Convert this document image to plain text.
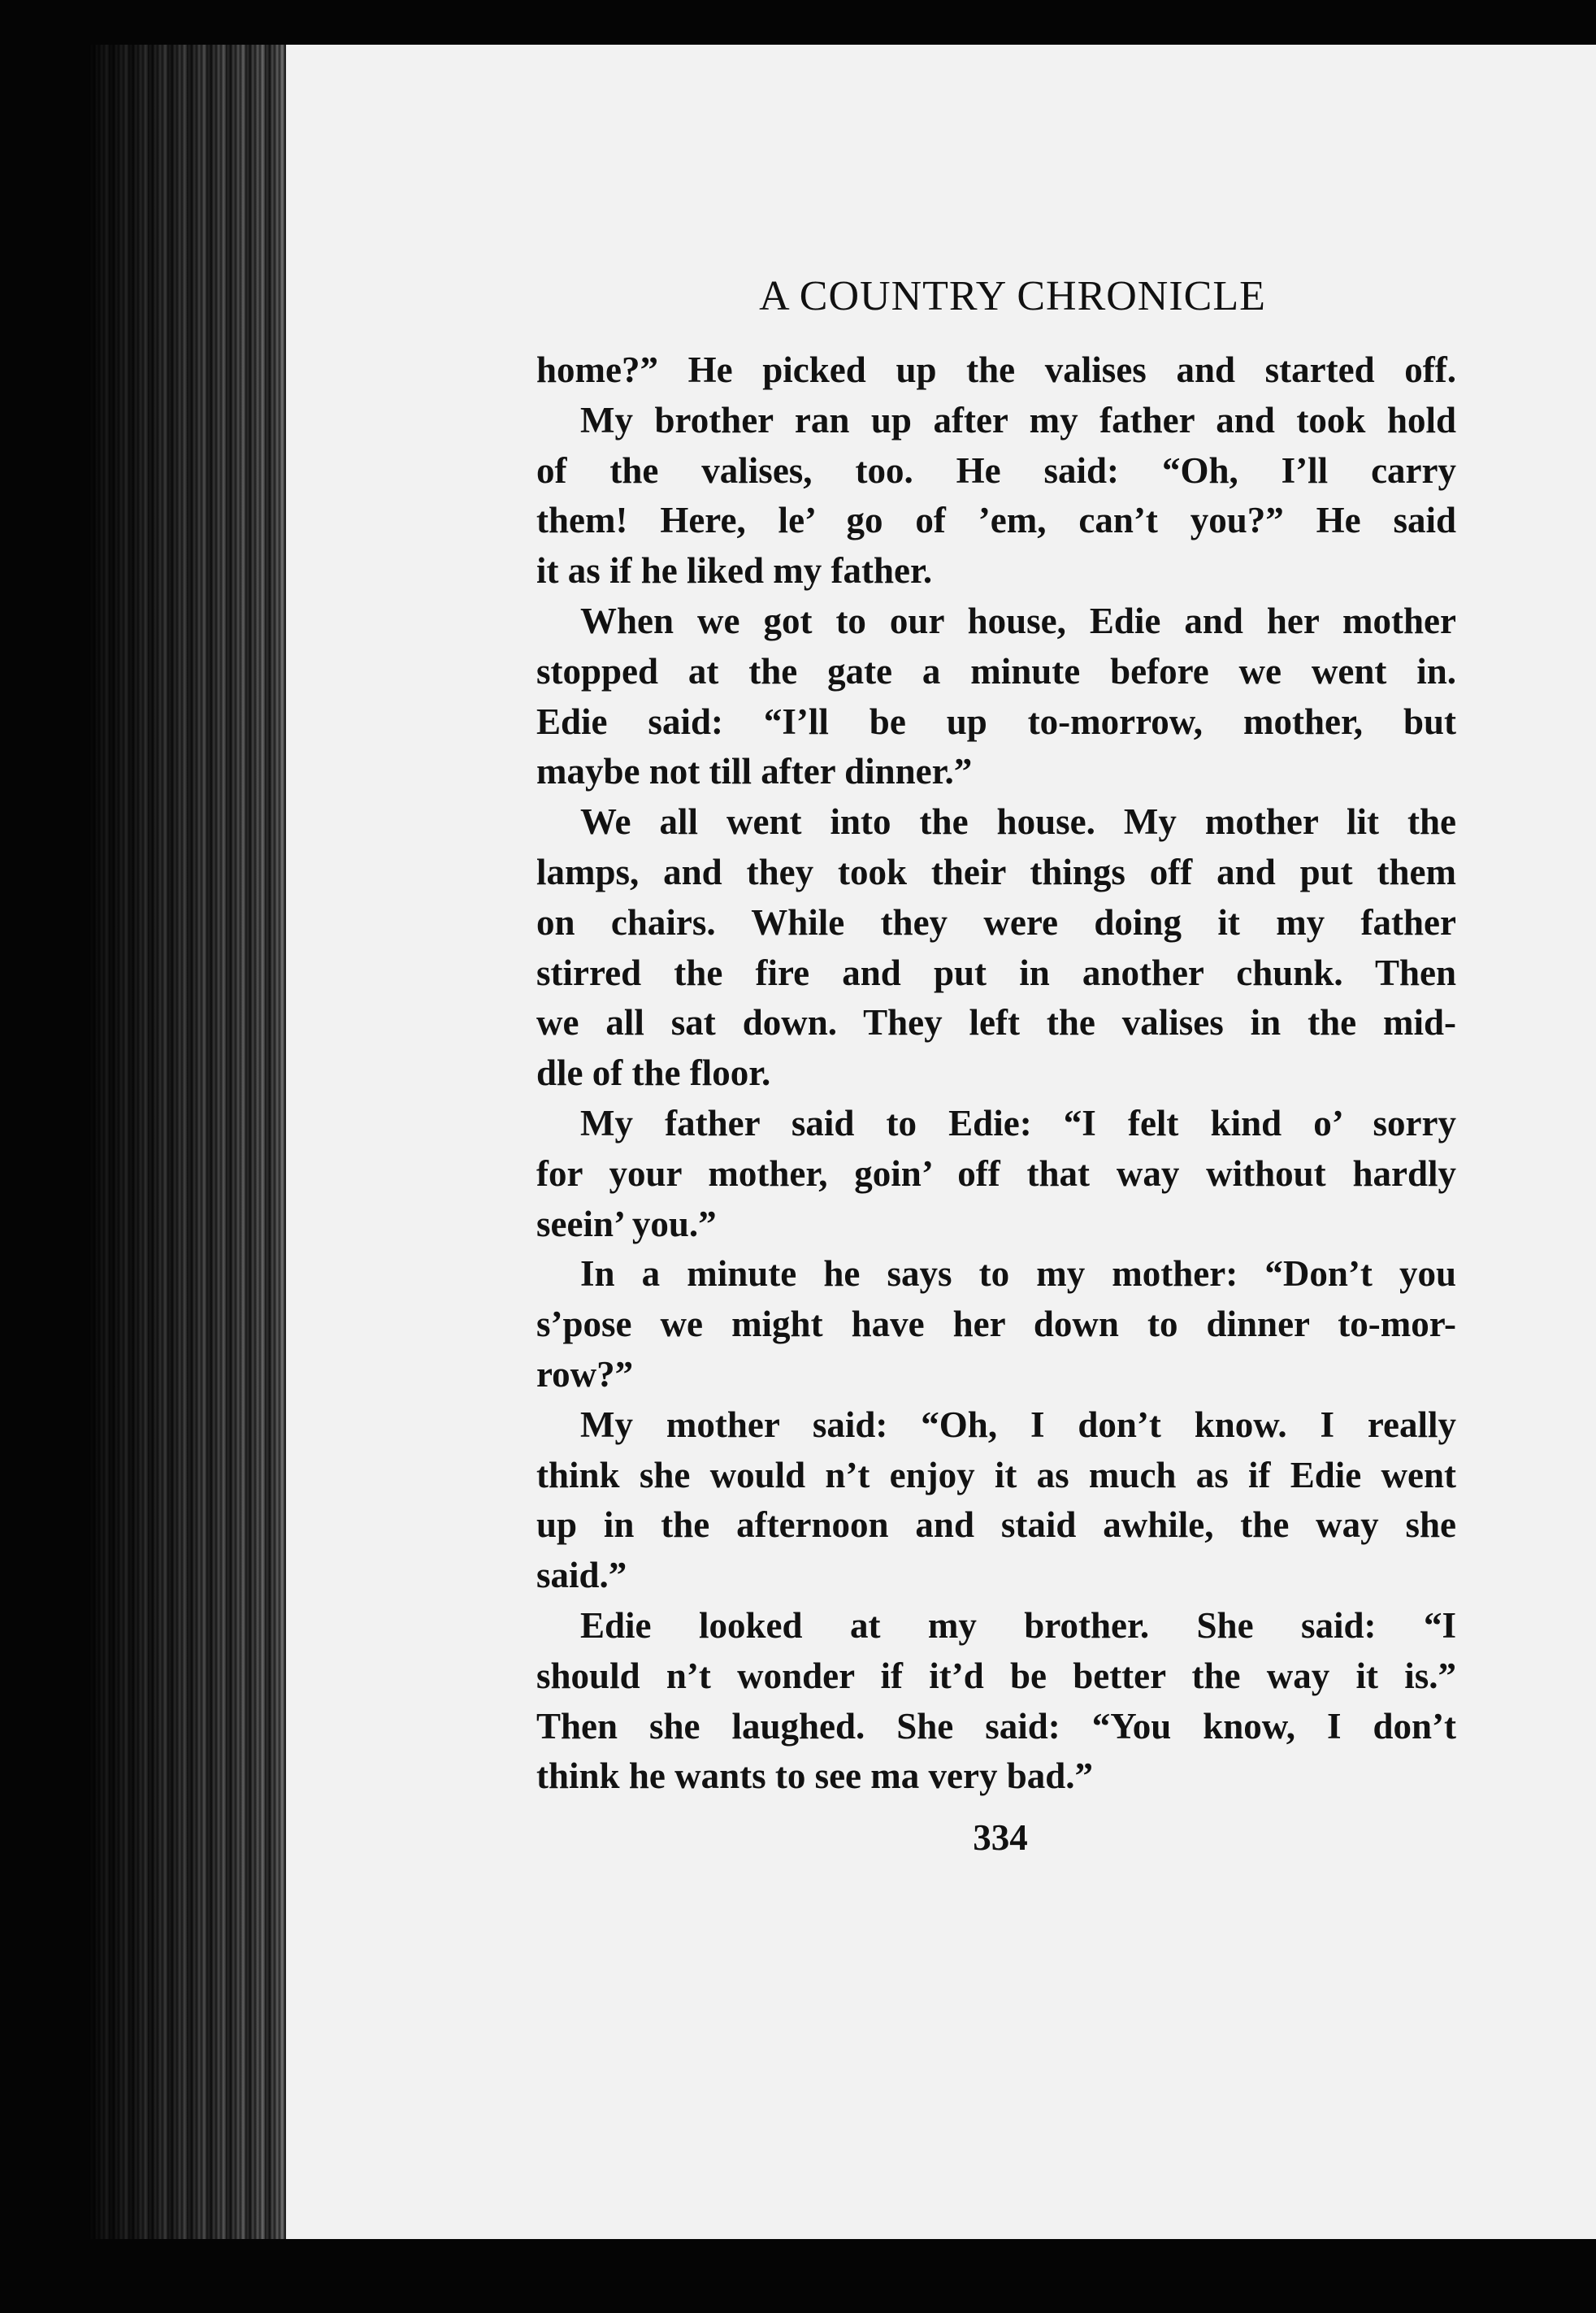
A COUNTRY CHRONICLE
home?” He picked up the valises and started off.
My brother ran up after my father and took hold
of the valises, too. He said: “Oh, I’ll carry
them! Here, le’ go of ’em, can’t you?” He said
it as if he liked my father.
When we got to our house, Edie and her mother
stopped at the gate a minute before we went in.
Edie said: “I’ll be up to-morrow, mother, but
maybe not till after dinner.”
We all went into the house. My mother lit the
lamps, and they took their things off and put them
on chairs. While they were doing it my father
stirred the fire and put in another chunk. Then
we all sat down. They left the valises in the mid-
dle of the floor.
My father said to Edie: “I felt kind o’ sorry
for your mother, goin’ off that way without hardly
seein’ you.”
In a minute he says to my mother: “Don’t you
s’pose we might have her down to dinner to-mor-
row?”
My mother said: “Oh, I don’t know. I really
think she would n’t enjoy it as much as if Edie went
up in the afternoon and staid awhile, the way she
said.”
Edie looked at my brother. She said: “I
should n’t wonder if it’d be better the way it is.”
Then she laughed. She said: “You know, I don’t
think he wants to see ma very bad.”
334
